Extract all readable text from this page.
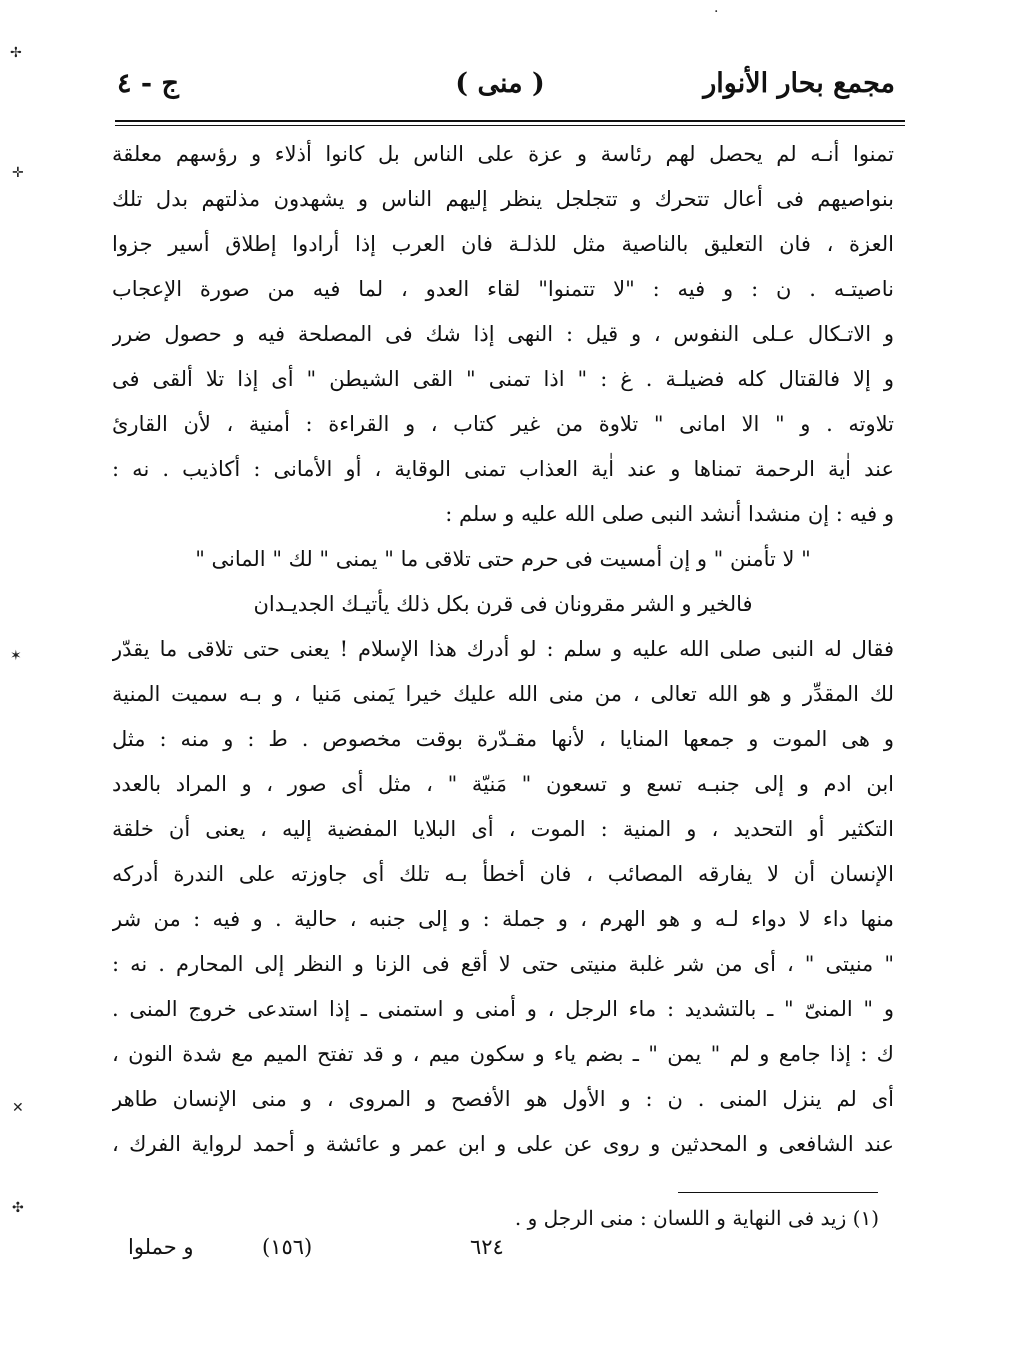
مجمع بحار الأنوار
( منى )
ج - ٤
تمنوا أنـه لم يحصل لهم رئاسة و عزة على الناس بل كانوا أذلاء و رؤسهم معلقة
بنواصيهم فى أعال تتحرك و تتجلجل ينظر إليهم الناس و يشهدون مذلتهم بدل تلك
العزة ، فان التعليق بالناصية مثل للذلـة فان العرب إذا أرادوا إطلاق أسير جزوا
ناصيتـه . ن : و فيه : "لا تتمنوا" لقاء العدو ، لما فيه من صورة الإعجاب
و الاتـكال عـلى النفوس ، و قيل : النهى إذا شك فى المصلحة فيه و حصول ضرر
و إلا فالقتال كله فضيلـة . غ : " اذا تمنى " القى الشيطن " أى إذا تلا ألقى فى
تلاوته . و " الا امانى " تلاوة من غير كتاب ، و القراءة : أمنية ، لأن القارئ
عند اٰية الرحمة تمناها و عند اٰية العذاب تمنى الوقاية ، أو الأمانى : أكاذيب . نه :
و فيه : إن منشدا أنشد النبى صلى الله عليه و سلم :
" لا تأمنن " و إن أمسيت فى حرم حتى تلاقى ما " يمنى " لك " المانى "
فالخير و الشر مقرونان فى قرن بكل ذلك يأتيـك الجديـدان
فقال له النبى صلى الله عليه و سلم : لو أدرك هذا الإسلام ! يعنى حتى تلاقى ما يقدّر
لك المقدِّر و هو الله تعالى ، من منى الله عليك خيرا يَمنى مَنيا ، و بـه سميت المنية
و هى الموت و جمعها المنايا ، لأنها مقـدّرة بوقت مخصوص . ط : و منه : مثل
ابن ادم و إلى جنبـه تسع و تسعون " مَنيّة " ، مثل أى صور ، و المراد بالعدد
التكثير أو التحديد ، و المنية : الموت ، أى البلايا المفضية إليه ، يعنى أن خلقة
الإنسان أن لا يفارقه المصائب ، فان أخطأ بـه تلك أى جاوزته على الندرة أدركه
منها داء لا دواء لـه و هو الهرم ، و جملة : و إلى جنبه ، حالية . و فيه : من شر
" منيتى " ، أى من شر غلبة منيتى حتى لا أقع فى الزنا و النظر إلى المحارم . نه :
و " المنىّ " ـ بالتشديد : ماء الرجل ، و أمنى و استمنى ـ إذا استدعى خروج المنى .
ك : إذا جامع و لم " يمن " ـ بضم ياء و سكون ميم ، و قد تفتح الميم مع شدة النون ،
أى لم ينزل المنى . ن : و الأول هو الأفصح و المروى ، و منى الإنسان طاهر
عند الشافعى و المحدثين و روى عن على و ابن عمر و عائشة و أحمد لرواية الفرك ،
(١) زيد فى النهاية و اللسان : منى الرجل و .
و حملوا	(١٥٦)	٦٢٤
✢
✛
✶
✕
✣
·
